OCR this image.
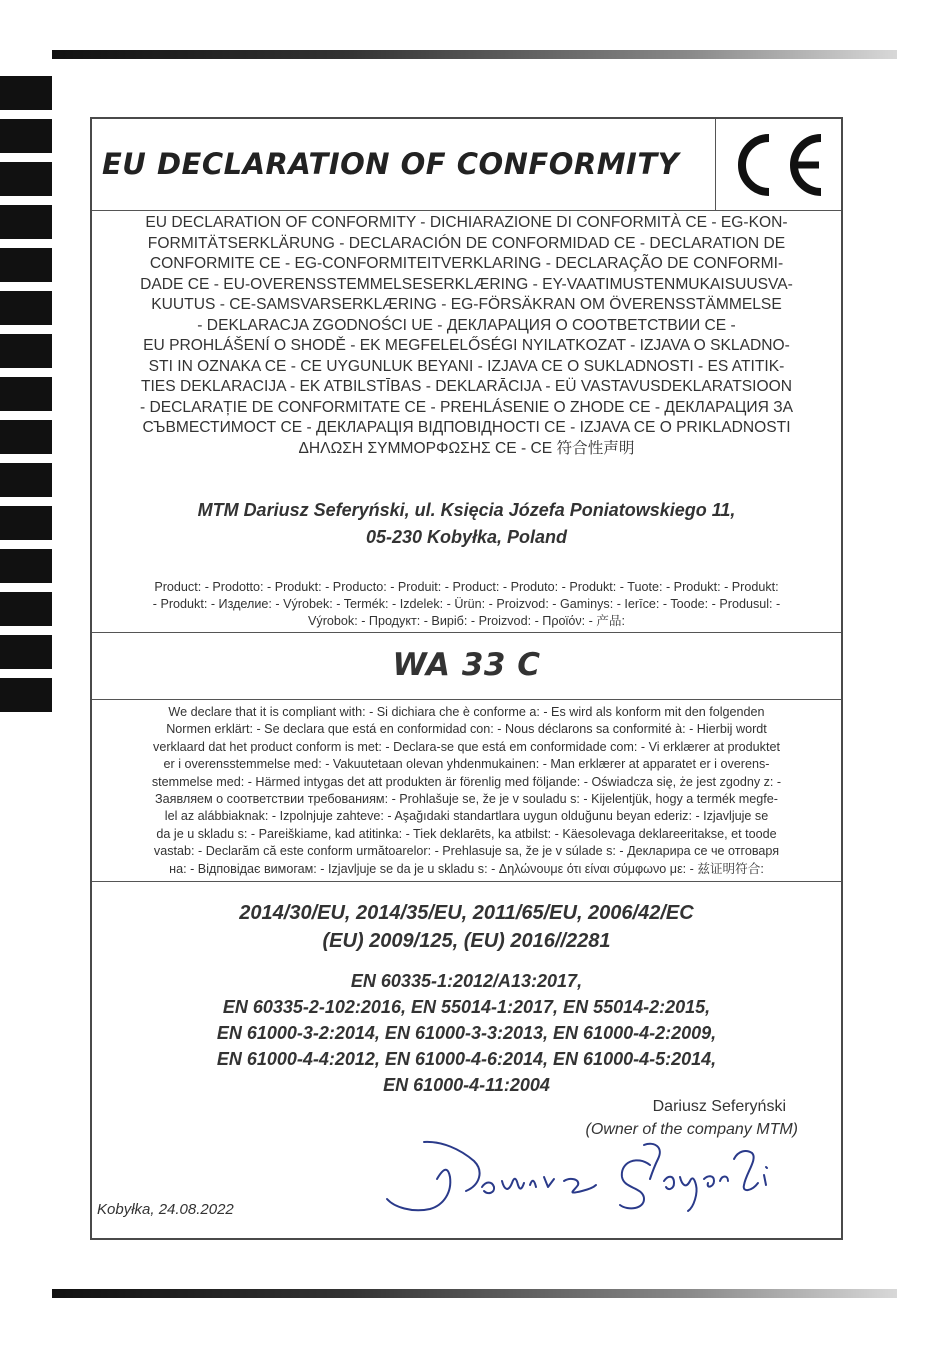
EU DECLARATION OF CONFORMITY
EU DECLARATION OF CONFORMITY - DICHIARAZIONE DI CONFORMITÀ CE - EG-KON-
FORMITÄTSERKLÄRUNG - DECLARACIÓN DE CONFORMIDAD CE - DECLARATION DE
CONFORMITE CE - EG-CONFORMITEITVERKLARING - DECLARAÇÃO DE CONFORMI-
DADE CE - EU-OVERENSSTEMMELSESERKLÆRING - EY-VAATIMUSTENMUKAISUUSVA-
KUUTUS - CE-SAMSVARSERKLÆRING - EG-FÖRSÄKRAN OM ÖVERENSSTÄMMELSE
- DEKLARACJA ZGODNOŚCI UE - ДЕКЛАРАЦИЯ О СООТВЕТСТВИИ CE -
EU PROHLÁŠENÍ O SHODĚ - EK MEGFELELŐSÉGI NYILATKOZAT - IZJAVA O SKLADNO-
STI IN OZNAKA CE - CE UYGUNLUK BEYANI - IZJAVA CE O SUKLADNOSTI - ES ATITIK-
TIES DEKLARACIJA - EK ATBILSTĪBAS - DEKLARĀCIJA - EÜ VASTAVUSDEKLARATSIOON
- DECLARAȚIE DE CONFORMITATE CE - PREHLÁSENIE O ZHODE CE - ДЕКЛАРАЦИЯ ЗА
СЪВМЕСТИМОСТ CE - ДЕКЛАРАЦІЯ ВІДПОВІДНОСТІ CE - IZJAVA CE O PRIKLADNOSTI
ΔΗΛΩΣΗ ΣΥΜΜΟΡΦΩΣΗΣ CE - CE 符合性声明
MTM Dariusz Seferyński, ul. Księcia Józefa Poniatowskiego 11,
05-230 Kobyłka, Poland
Product: - Prodotto: - Produkt: - Producto: - Produit: - Product: - Produto: - Produkt: - Tuote: - Produkt: - Produkt:
- Produkt: - Изделие: - Výrobek: - Termék: - Izdelek: - Ürün: - Proizvod: - Gaminys: - Ierīce: - Toode: - Produsul: -
Výrobok: - Продукт: - Виріб: - Proizvod: - Προϊόν: - 产品:
WA 33 C
We declare that it is compliant with: - Si dichiara che è conforme a: - Es wird als konform mit den folgenden
Normen erklärt: - Se declara que está en conformidad con: - Nous déclarons sa conformité à: - Hierbij wordt
verklaard dat het product conform is met: - Declara-se que está em conformidade com: - Vi erklærer at produktet
er i overensstemmelse med: - Vakuutetaan olevan yhdenmukainen: - Man erklærer at apparatet er i overens-
stemmelse med: - Härmed intygas det att produkten är förenlig med följande: - Oświadcza się, że jest zgodny z: -
Заявляем о соответствии требованиям: - Prohlašuje se, že je v souladu s: - Kijelentjük, hogy a termék megfe-
lel az alábbiaknak: - Izpolnjuje zahteve: - Aşağıdaki standartlara uygun olduğunu beyan ederiz: - Izjavljuje se
da je u skladu s: - Pareiškiame, kad atitinka: - Tiek deklarēts, ka atbilst: - Käesolevaga deklareeritakse, et toode
vastab: - Declarăm că este conform următoarelor: - Prehlasuje sa, že je v súlade s: - Декларира се че отговаря
на: - Відповідає вимогам: - Izjavljuje se da je u skladu s: - Δηλώνουμε ότι είναι σύμφωνο με: - 兹证明符合:
2014/30/EU, 2014/35/EU, 2011/65/EU, 2006/42/EC
(EU) 2009/125, (EU) 2016//2281
EN 60335-1:2012/A13:2017,
EN 60335-2-102:2016, EN 55014-1:2017, EN 55014-2:2015,
EN 61000-3-2:2014, EN 61000-3-3:2013, EN 61000-4-2:2009,
EN 61000-4-4:2012, EN 61000-4-6:2014, EN 61000-4-5:2014,
EN 61000-4-11:2004
Dariusz Seferyński
(Owner of the company MTM)
Kobyłka, 24.08.2022
